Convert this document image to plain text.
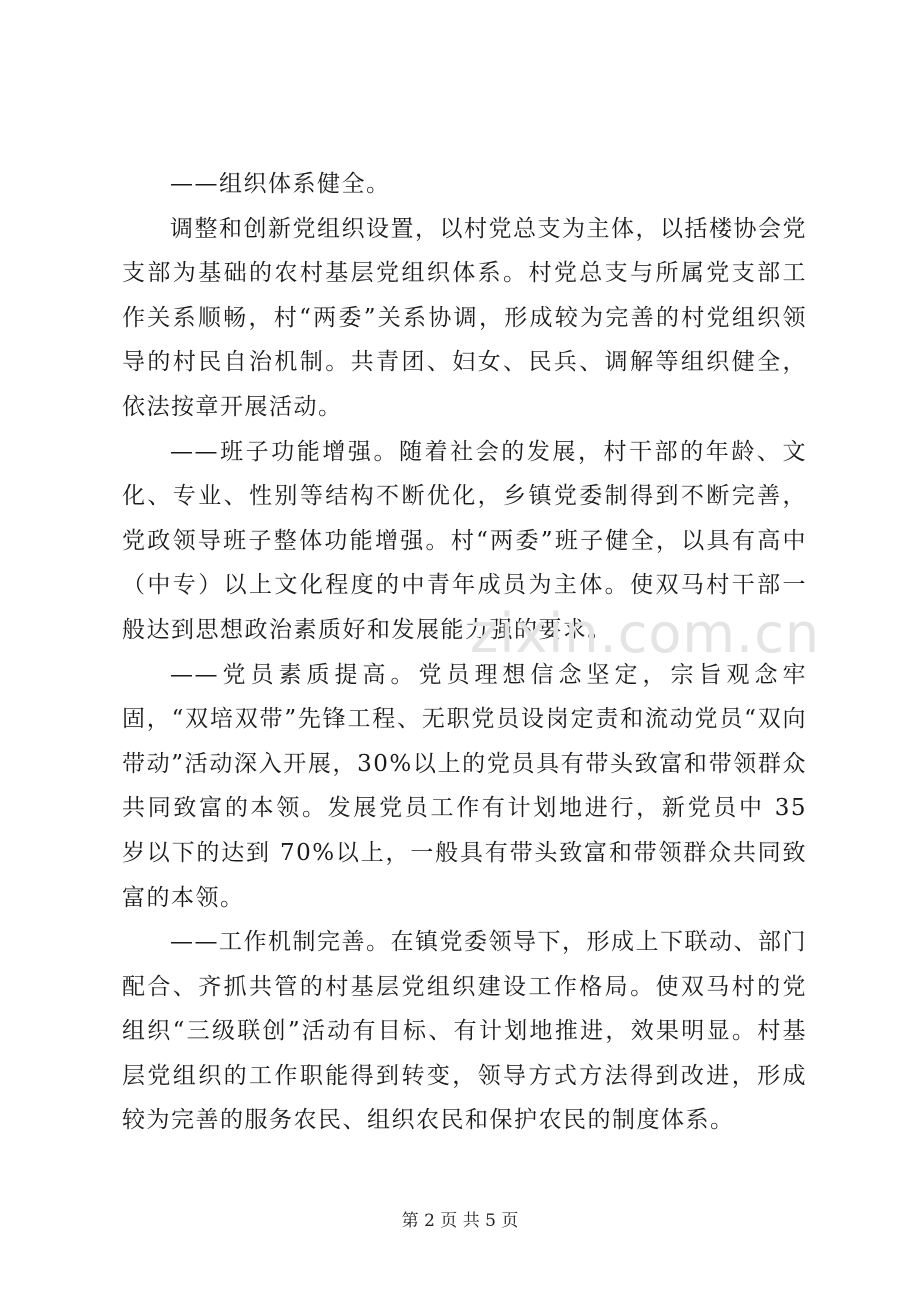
——组织体系健全。

调整和创新党组织设置，以村党总支为主体，以括楼协会党支部为基础的农村基层党组织体系。村党总支与所属党支部工作关系顺畅，村“两委”关系协调，形成较为完善的村党组织领导的村民自治机制。共青团、妇女、民兵、调解等组织健全，依法按章开展活动。

——班子功能增强。随着社会的发展，村干部的年龄、文化、专业、性别等结构不断优化，乡镇党委制得到不断完善，党政领导班子整体功能增强。村“两委”班子健全，以具有高中（中专）以上文化程度的中青年成员为主体。使双马村干部一般达到思想政治素质好和发展能力强的要求。

——党员素质提高。党员理想信念坚定，宗旨观念牢固，“双培双带”先锋工程、无职党员设岗定责和流动党员“双向带动”活动深入开展，30%以上的党员具有带头致富和带领群众共同致富的本领。发展党员工作有计划地进行，新党员中 35 岁以下的达到 70%以上，一般具有带头致富和带领群众共同致富的本领。

——工作机制完善。在镇党委领导下，形成上下联动、部门配合、齐抓共管的村基层党组织建设工作格局。使双马村的党组织“三级联创”活动有目标、有计划地推进，效果明显。村基层党组织的工作职能得到转变，领导方式方法得到改进，形成较为完善的服务农民、组织农民和保护农民的制度体系。

zixin.com.cn
第 2 页 共 5 页
